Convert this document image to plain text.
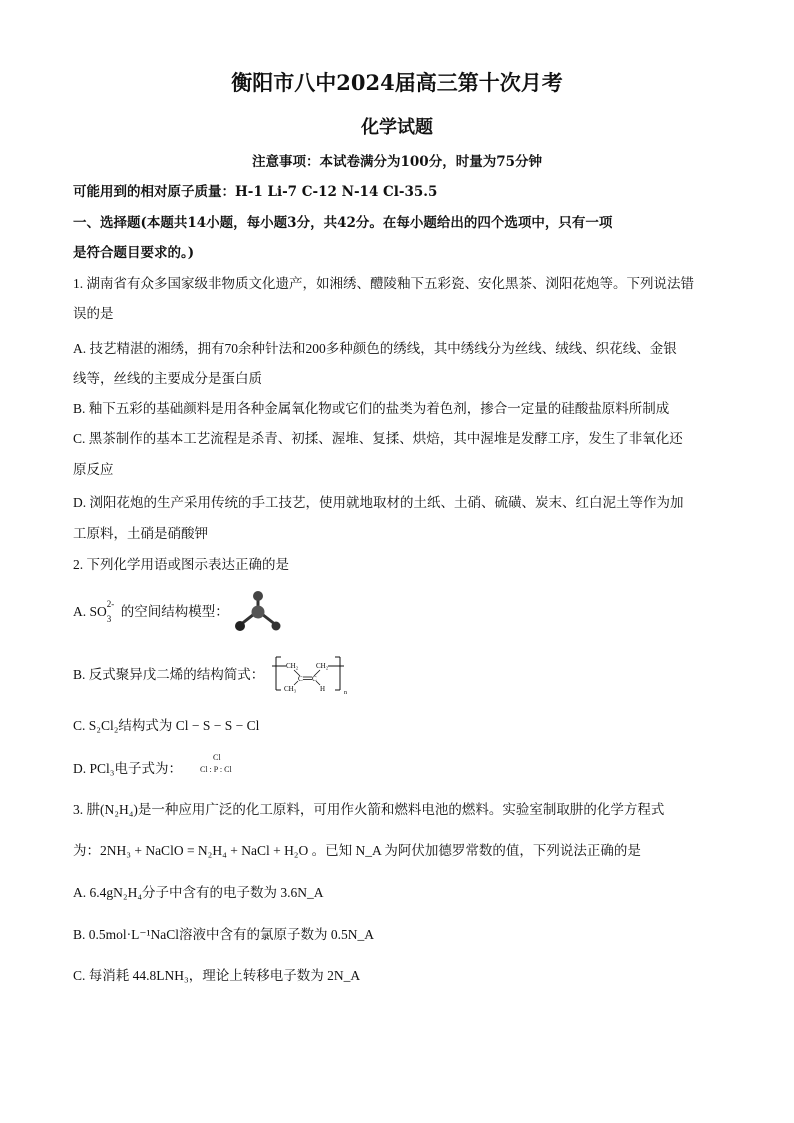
衡阳市八中2024届高三第十次月考
化学试题
注意事项：本试卷满分为100分，时量为75分钟
可能用到的相对原子质量：H-1 Li-7 C-12 N-14 Cl-35.5
一、选择题(本题共14小题，每小题3分，共42分。在每小题给出的四个选项中，只有一项
是符合题目要求的。)
1. 湖南省有众多国家级非物质文化遗产，如湘绣、醴陵釉下五彩瓷、安化黑茶、浏阳花炮等。下列说法错
误的是
A. 技艺精湛的湘绣，拥有70余种针法和200多种颜色的绣线，其中绣线分为丝线、绒线、织花线、金银
线等，丝线的主要成分是蛋白质
B. 釉下五彩的基础颜料是用各种金属氧化物或它们的盐类为着色剂，掺合一定量的硅酸盐原料所制成
C. 黑茶制作的基本工艺流程是杀青、初揉、渥堆、复揉、烘焙，其中渥堆是发酵工序，发生了非氧化还
原反应
D. 浏阳花炮的生产采用传统的手工技艺，使用就地取材的土纸、土硝、硫磺、炭末、红白泥土等作为加
工原料，土硝是硝酸钾
2. 下列化学用语或图示表达正确的是
A. SO 2-
3 的空间结构模型：
B. 反式聚异戊二烯的结构简式：
CH₂	CH₂
C C
CH₃	H	n
C. S₂Cl₂结构式为 Cl − S − S − Cl
D. PCl₃电子式为：
Cl
Cl : P : Cl
3. 肼(N₂H₄)是一种应用广泛的化工原料，可用作火箭和燃料电池的燃料。实验室制取肼的化学方程式
为：2NH₃ + NaClO = N₂H₄ + NaCl + H₂O 。已知 N_A 为阿伏加德罗常数的值，下列说法正确的是
A. 6.4gN₂H₄分子中含有的电子数为 3.6N_A
B. 0.5mol·L⁻¹NaCl溶液中含有的氯原子数为 0.5N_A
C. 每消耗 44.8LNH₃，理论上转移电子数为 2N_A
